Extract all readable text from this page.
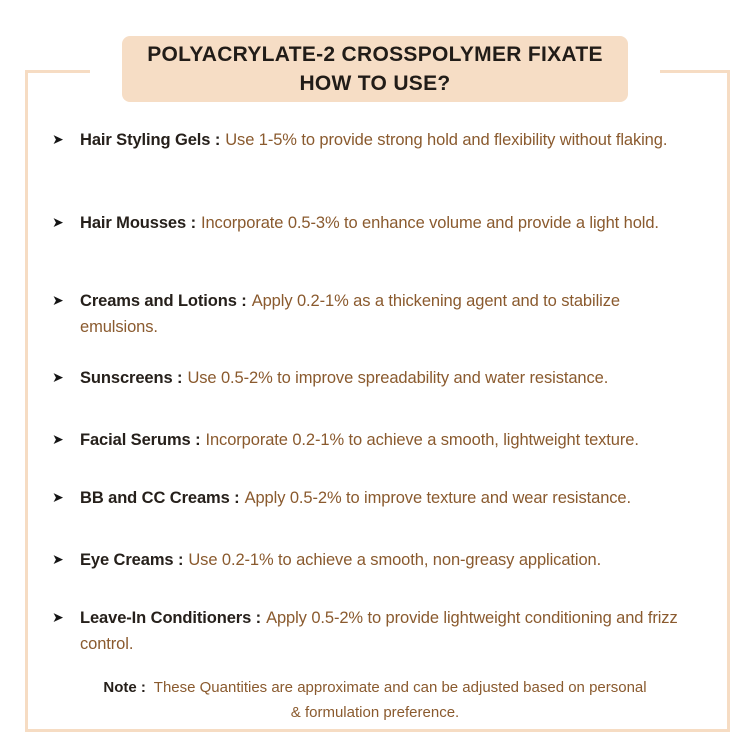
POLYACRYLATE-2 CROSSPOLYMER FIXATE
HOW TO USE?
➤ Hair Styling Gels : Use 1-5% to provide strong hold and flexibility without flaking.

➤ Hair Mousses : Incorporate 0.5-3% to enhance volume and provide a light hold.

➤ Creams and Lotions : Apply 0.2-1% as a thickening agent and to stabilize emulsions.

➤ Sunscreens : Use 0.5-2% to improve spreadability and water resistance.

➤ Facial Serums : Incorporate 0.2-1% to achieve a smooth, lightweight texture.

➤ BB and CC Creams : Apply 0.5-2% to improve texture and wear resistance.

➤ Eye Creams : Use 0.2-1% to achieve a smooth, non-greasy application.

➤ Leave-In Conditioners : Apply 0.5-2% to provide lightweight conditioning and frizz control.

Note : These Quantities are approximate and can be adjusted based on personal & formulation preference.
